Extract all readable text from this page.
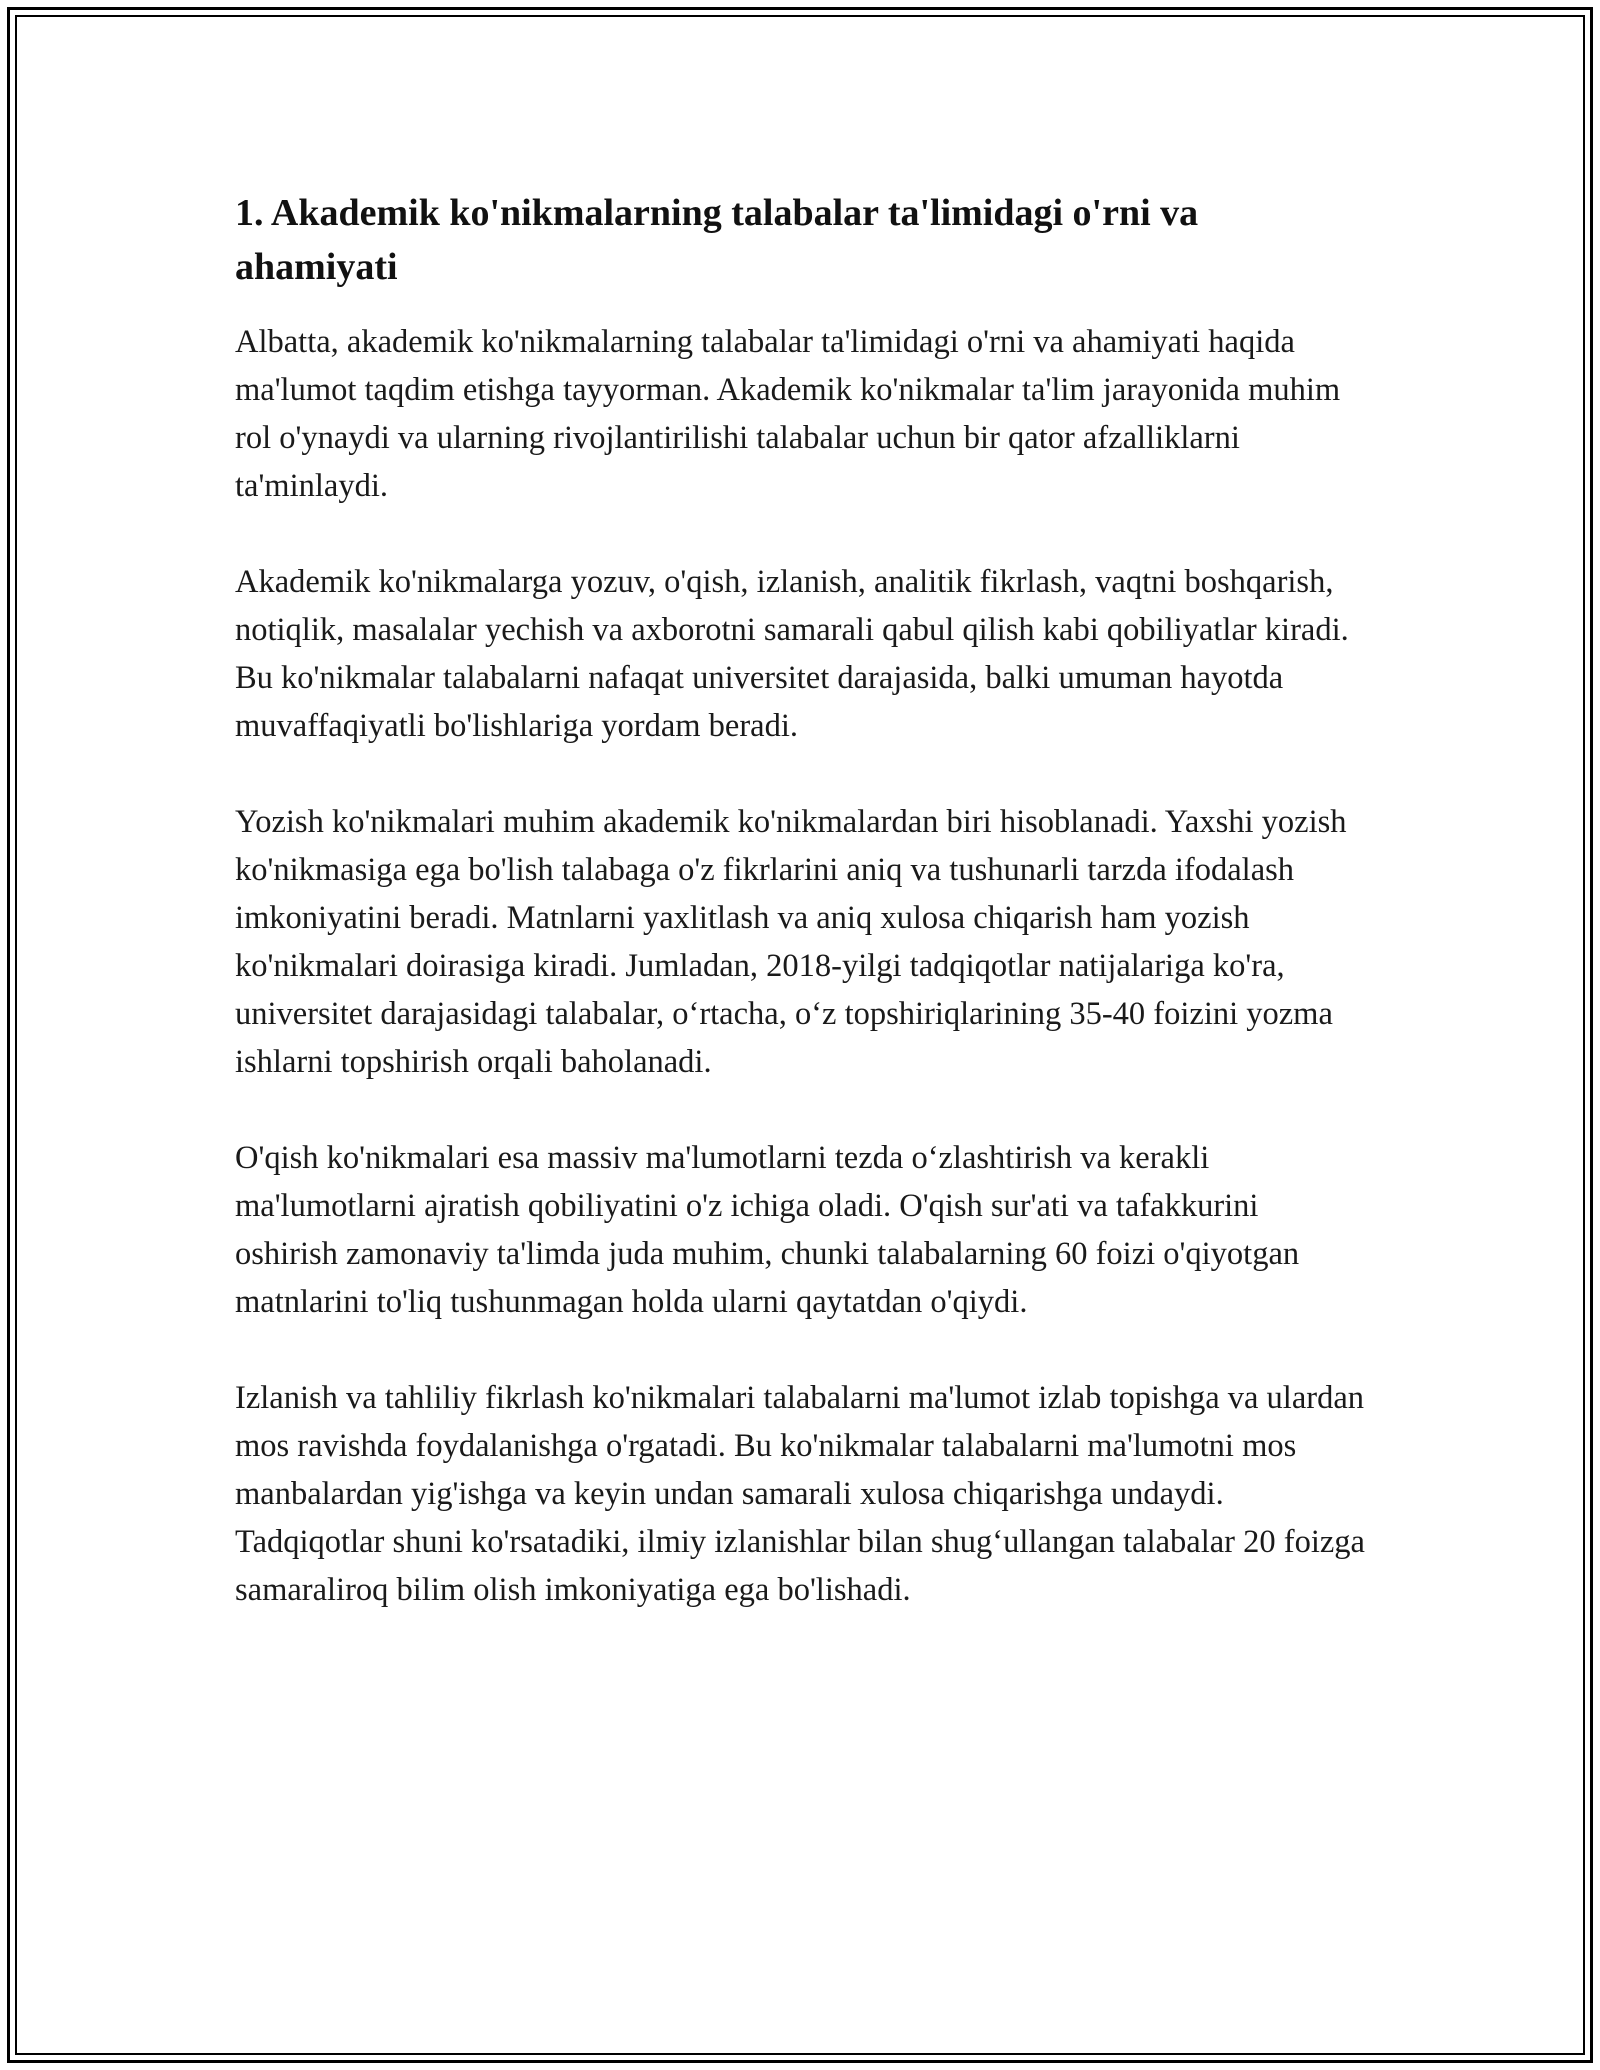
1. Akademik ko'nikmalarning talabalar ta'limidagi o'rni va ahamiyati

Albatta, akademik ko'nikmalarning talabalar ta'limidagi o'rni va ahamiyati haqida ma'lumot taqdim etishga tayyorman. Akademik ko'nikmalar ta'lim jarayonida muhim rol o'ynaydi va ularning rivojlantirilishi talabalar uchun bir qator afzalliklarni ta'minlaydi.

Akademik ko'nikmalarga yozuv, o'qish, izlanish, analitik fikrlash, vaqtni boshqarish, notiqlik, masalalar yechish va axborotni samarali qabul qilish kabi qobiliyatlar kiradi. Bu ko'nikmalar talabalarni nafaqat universitet darajasida, balki umuman hayotda muvaffaqiyatli bo'lishlariga yordam beradi.

Yozish ko'nikmalari muhim akademik ko'nikmalardan biri hisoblanadi. Yaxshi yozish ko'nikmasiga ega bo'lish talabaga o'z fikrlarini aniq va tushunarli tarzda ifodalash imkoniyatini beradi. Matnlarni yaxlitlash va aniq xulosa chiqarish ham yozish ko'nikmalari doirasiga kiradi. Jumladan, 2018-yilgi tadqiqotlar natijalariga ko'ra, universitet darajasidagi talabalar, o‘rtacha, o‘z topshiriqlarining 35-40 foizini yozma ishlarni topshirish orqali baholanadi.

O'qish ko'nikmalari esa massiv ma'lumotlarni tezda o‘zlashtirish va kerakli ma'lumotlarni ajratish qobiliyatini o'z ichiga oladi. O'qish sur'ati va tafakkurini oshirish zamonaviy ta'limda juda muhim, chunki talabalarning 60 foizi o'qiyotgan matnlarini to'liq tushunmagan holda ularni qaytatdan o'qiydi.

Izlanish va tahliliy fikrlash ko'nikmalari talabalarni ma'lumot izlab topishga va ulardan mos ravishda foydalanishga o'rgatadi. Bu ko'nikmalar talabalarni ma'lumotni mos manbalardan yig'ishga va keyin undan samarali xulosa chiqarishga undaydi. Tadqiqotlar shuni ko'rsatadiki, ilmiy izlanishlar bilan shug‘ullangan talabalar 20 foizga samaraliroq bilim olish imkoniyatiga ega bo'lishadi.
